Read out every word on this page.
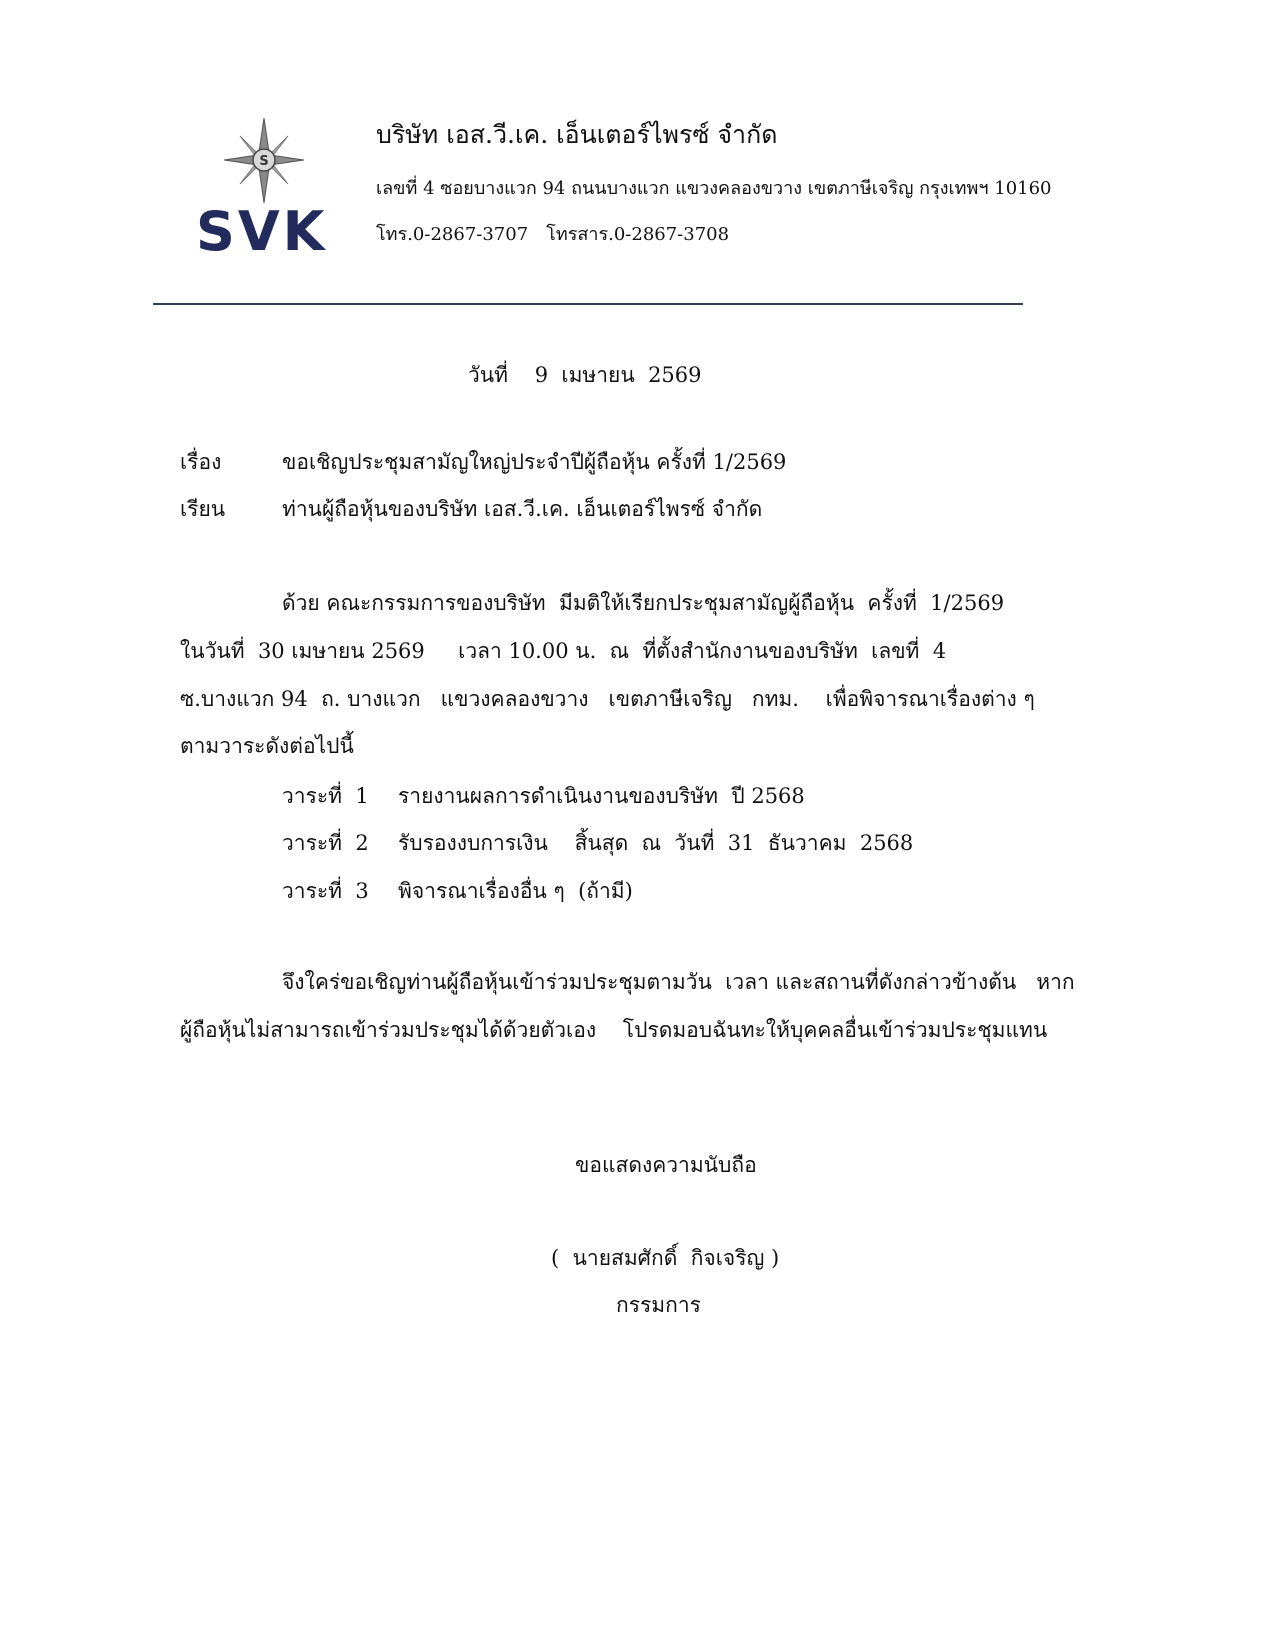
S
SVK
บริษัท เอส.วี.เค. เอ็นเตอร์ไพรซ์ จำกัด
เลขที่ 4 ซอยบางแวก 94 ถนนบางแวก แขวงคลองขวาง เขตภาษีเจริญ กรุงเทพฯ 10160
โทร.0-2867-3707 โทรสาร.0-2867-3708
วันที่    9  เมษายน  2569
เรื่อง	ขอเชิญประชุมสามัญใหญ่ประจำปีผู้ถือหุ้น ครั้งที่ 1/2569
เรียน	ท่านผู้ถือหุ้นของบริษัท เอส.วี.เค. เอ็นเตอร์ไพรซ์ จำกัด
ด้วย คณะกรรมการของบริษัท  มีมติให้เรียกประชุมสามัญผู้ถือหุ้น  ครั้งที่  1/2569
ในวันที่  30 เมษายน 2569     เวลา 10.00 น.  ณ  ที่ตั้งสำนักงานของบริษัท  เลขที่  4
ซ.บางแวก 94  ถ. บางแวก   แขวงคลองขวาง   เขตภาษีเจริญ   กทม.    เพื่อพิจารณาเรื่องต่าง ๆ
ตามวาระดังต่อไปนี้
วาระที่  1 รายงานผลการดำเนินงานของบริษัท  ปี 2568
วาระที่  2 รับรองงบการเงิน    สิ้นสุด  ณ  วันที่  31  ธันวาคม  2568
วาระที่  3 พิจารณาเรื่องอื่น ๆ  (ถ้ามี)
จึงใคร่ขอเชิญท่านผู้ถือหุ้นเข้าร่วมประชุมตามวัน  เวลา และสถานที่ดังกล่าวข้างต้น   หาก
ผู้ถือหุ้นไม่สามารถเข้าร่วมประชุมได้ด้วยตัวเอง    โปรดมอบฉันทะให้บุคคลอื่นเข้าร่วมประชุมแทน
ขอแสดงความนับถือ
(  นายสมศักดิ์  กิจเจริญ )
กรรมการ
